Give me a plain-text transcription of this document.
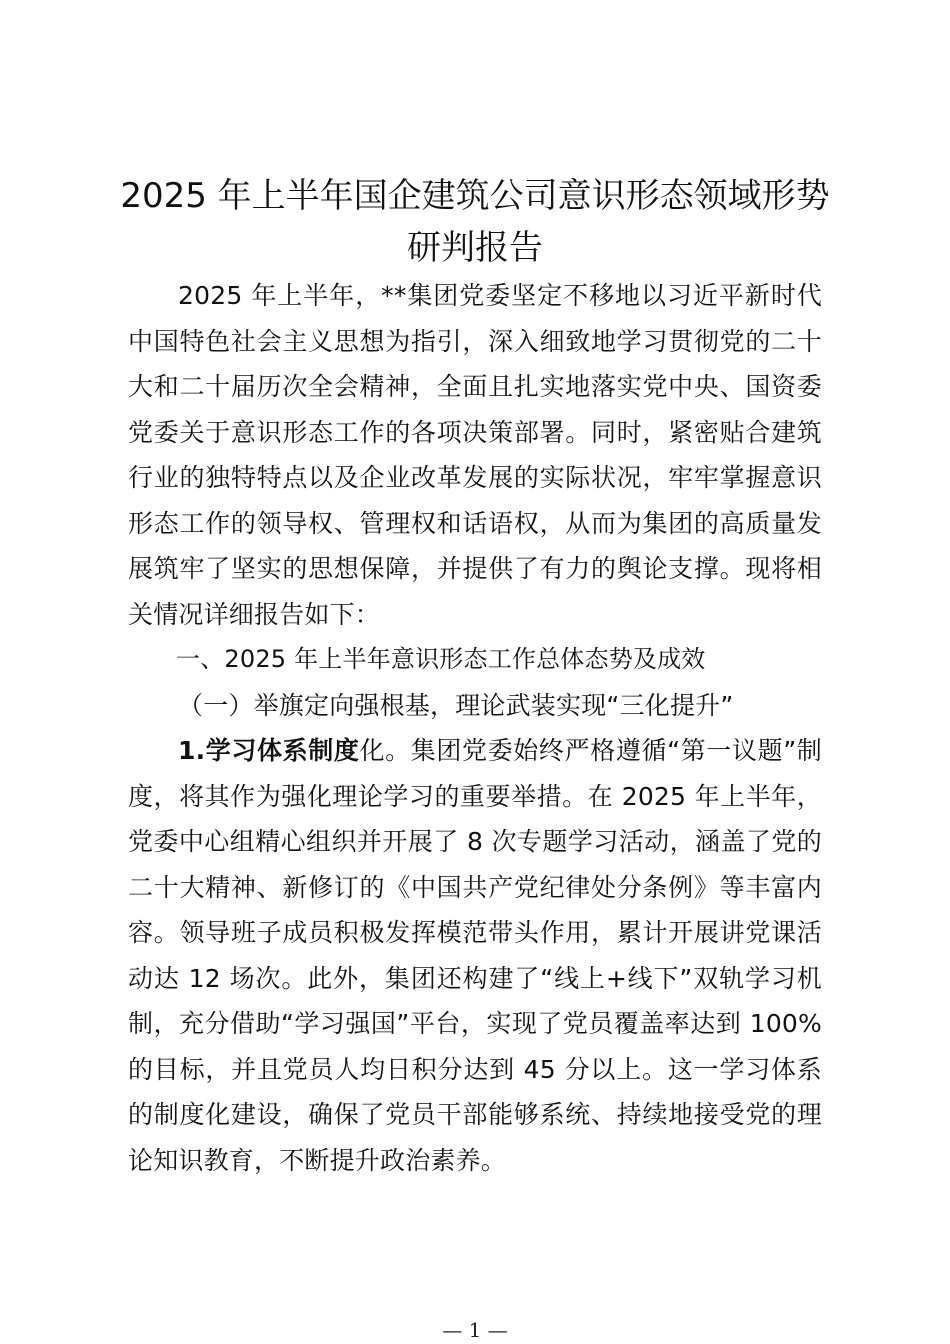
2025 年上半年国企建筑公司意识形态领域形势研判报告

2025 年上半年，**集团党委坚定不移地以习近平新时代中国特色社会主义思想为指引，深入细致地学习贯彻党的二十大和二十届历次全会精神，全面且扎实地落实党中央、国资委党委关于意识形态工作的各项决策部署。同时，紧密贴合建筑行业的独特特点以及企业改革发展的实际状况，牢牢掌握意识形态工作的领导权、管理权和话语权，从而为集团的高质量发展筑牢了坚实的思想保障，并提供了有力的舆论支撑。现将相关情况详细报告如下：

一、2025 年上半年意识形态工作总体态势及成效

（一）举旗定向强根基，理论武装实现“三化提升”

1.学习体系制度化。集团党委始终严格遵循“第一议题”制度，将其作为强化理论学习的重要举措。在 2025 年上半年，党委中心组精心组织并开展了 8 次专题学习活动，涵盖了党的二十大精神、新修订的《中国共产党纪律处分条例》等丰富内容。领导班子成员积极发挥模范带头作用，累计开展讲党课活动达 12 场次。此外，集团还构建了“线上+线下”双轨学习机制，充分借助“学习强国”平台，实现了党员覆盖率达到 100%的目标，并且党员人均日积分达到 45 分以上。这一学习体系的制度化建设，确保了党员干部能够系统、持续地接受党的理论知识教育，不断提升政治素养。

— 1 —
